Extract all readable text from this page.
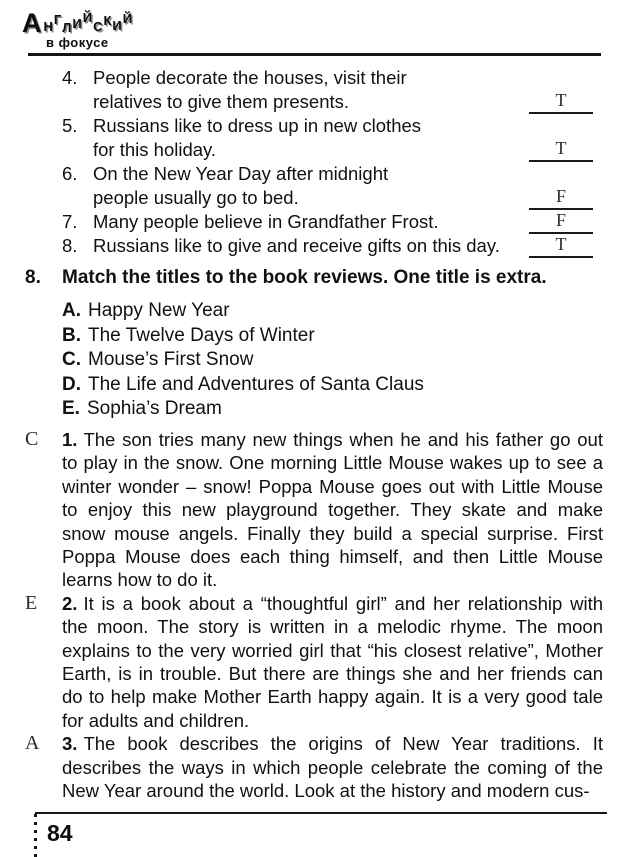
АНГЛИЙСКИЙ
в фокусе
4. People decorate the houses, visit their
relatives to give them presents.	T
5. Russians like to dress up in new clothes
for this holiday.	T
6. On the New Year Day after midnight
people usually go to bed.	F
7. Many people believe in Grandfather Frost.	F
8. Russians like to give and receive gifts on this day.	T
8.	Match the titles to the book reviews. One title is extra.
A. Happy New Year
B. The Twelve Days of Winter
C. Mouse’s First Snow
D. The Life and Adventures of Santa Claus
E. Sophia’s Dream
C	1. The son tries many new things when he and his father go out to play in the snow. One morning Little Mouse wakes up to see a winter wonder – snow! Poppa Mouse goes out with Little Mouse to enjoy this new playground together. They skate and make snow mouse angels. Finally they build a special surprise. First Poppa Mouse does each thing himself, and then Little Mouse learns how to do it.

E	2. It is a book about a “thoughtful girl” and her relationship with the moon. The story is written in a melodic rhyme. The moon explains to the very worried girl that “his closest relative”, Mother Earth, is in trouble. But there are things she and her friends can do to help make Mother Earth happy again. It is a very good tale for adults and children.

A	3. The book describes the origins of New Year traditions. It describes the ways in which people celebrate the coming of the New Year around the world. Look at the history and modern cus-

84
